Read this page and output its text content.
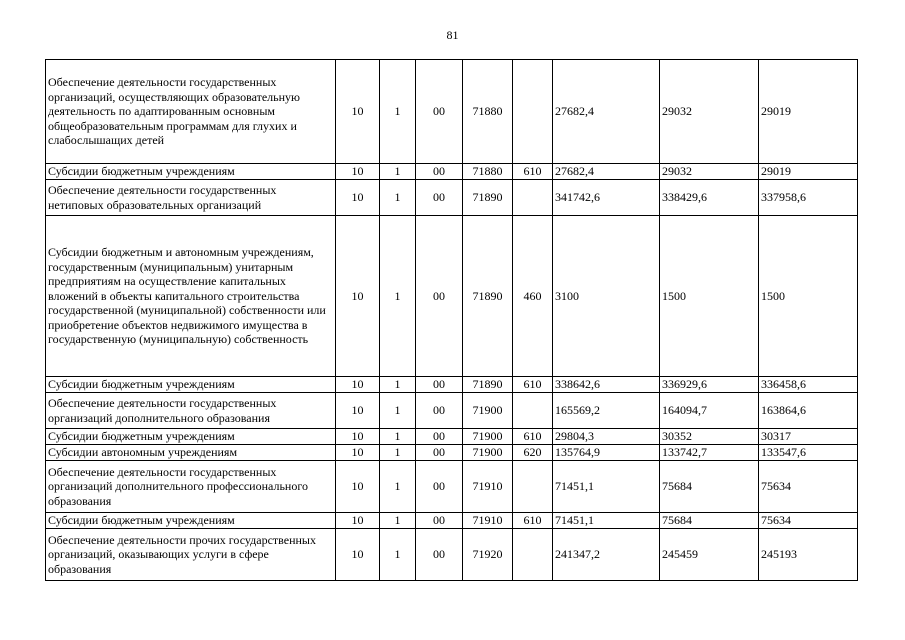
81
Обеспечение деятельности государственных организаций, осуществляющих образовательную деятельность по адаптированным основным общеобразовательным программам для глухих и слабослышащих детей	10	1	00	71880		27682,4	29032	29019
Субсидии бюджетным учреждениям	10	1	00	71880	610	27682,4	29032	29019
Обеспечение деятельности государственных нетиповых образовательных организаций	10	1	00	71890		341742,6	338429,6	337958,6
Субсидии бюджетным и автономным учреждениям, государственным (муниципальным) унитарным предприятиям на осуществление капитальных вложений в объекты капитального строительства государственной (муниципальной) собственности или приобретение объектов недвижимого имущества в государственную (муниципальную) собственность	10	1	00	71890	460	3100	1500	1500
Субсидии бюджетным учреждениям	10	1	00	71890	610	338642,6	336929,6	336458,6
Обеспечение деятельности государственных организаций дополнительного образования	10	1	00	71900		165569,2	164094,7	163864,6
Субсидии бюджетным учреждениям	10	1	00	71900	610	29804,3	30352	30317
Субсидии автономным учреждениям	10	1	00	71900	620	135764,9	133742,7	133547,6
Обеспечение деятельности государственных организаций дополнительного профессионального образования	10	1	00	71910		71451,1	75684	75634
Субсидии бюджетным учреждениям	10	1	00	71910	610	71451,1	75684	75634
Обеспечение деятельности прочих государственных организаций, оказывающих услуги в сфере образования	10	1	00	71920		241347,2	245459	245193
